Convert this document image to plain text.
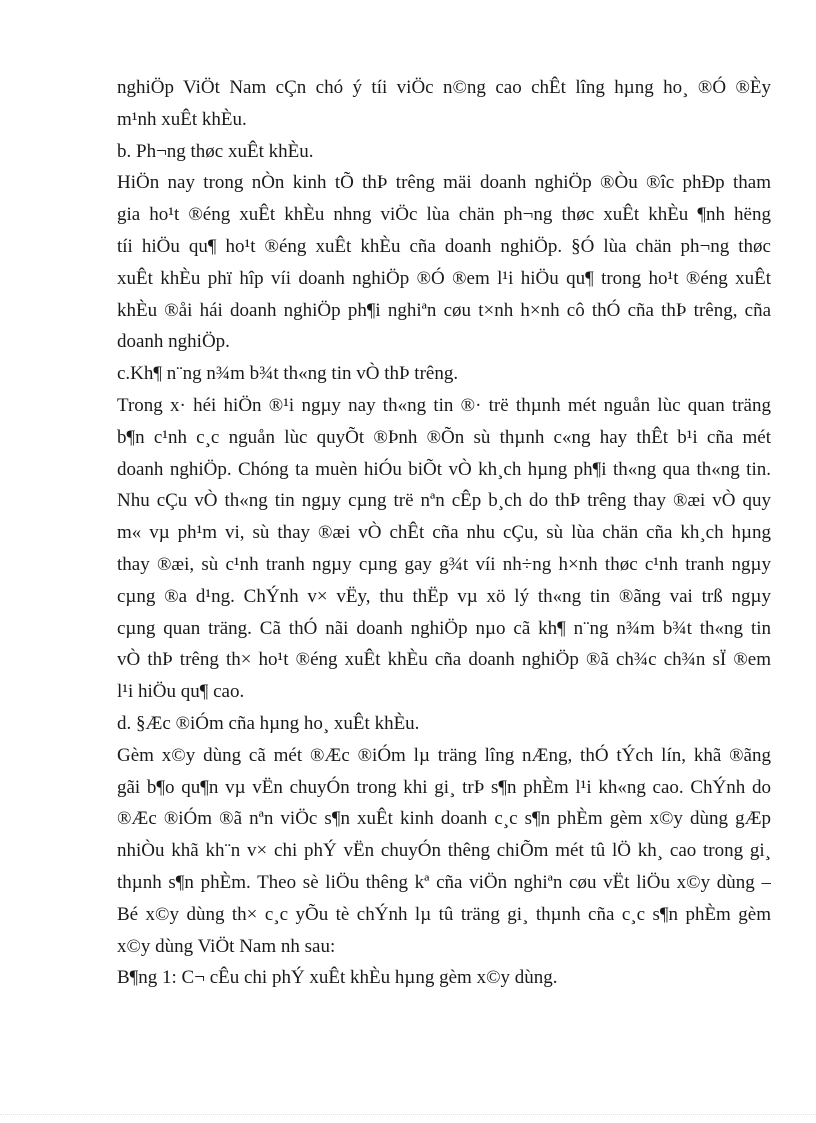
nghiÖp ViÖt Nam cÇn chó ý tíi viÖc n©ng cao chÊt lîng hµng ho¸ ®Ó ®Èy
m¹nh xuÊt khÈu.
b. Ph¬ng thøc xuÊt khÈu.
HiÖn nay trong nÒn kinh tÕ thÞ trêng mäi doanh nghiÖp ®Òu ®îc phÐp tham
gia ho¹t ®éng xuÊt khÈu nhng viÖc lùa chän ph¬ng thøc xuÊt khÈu ¶nh hëng
tíi hiÖu qu¶ ho¹t ®éng xuÊt khÈu cña doanh nghiÖp. §Ó lùa chän ph¬ng thøc
xuÊt khÈu phï hîp víi doanh nghiÖp ®Ó ®em l¹i hiÖu qu¶ trong ho¹t ®éng xuÊt
khÈu ®åi hái doanh nghiÖp ph¶i nghiªn cøu t×nh h×nh cô thÓ cña thÞ trêng, cña
doanh nghiÖp.
c.Kh¶ n¨ng n¾m b¾t th«ng tin vÒ thÞ trêng.
Trong x· héi hiÖn ®¹i ngµy nay th«ng tin ®· trë thµnh mét nguån lùc quan träng
b¶n c¹nh c¸c nguån lùc quyÕt ®Þnh ®Õn sù thµnh c«ng hay thÊt b¹i cña mét
doanh nghiÖp. Chóng ta muèn hiÓu biÕt vÒ kh¸ch hµng ph¶i th«ng qua th«ng tin.
Nhu cÇu vÒ th«ng tin ngµy cµng trë nªn cÊp b¸ch do thÞ trêng thay ®æi vÒ quy
m« vµ ph¹m vi, sù thay ®æi vÒ chÊt cña nhu cÇu, sù lùa chän cña kh¸ch hµng
thay ®æi, sù c¹nh tranh ngµy cµng gay g¾t víi nh÷ng h×nh thøc c¹nh tranh ngµy
cµng ®a d¹ng. ChÝnh v× vËy, thu thËp vµ xö lý th«ng tin ®ãng vai trß ngµy
cµng quan träng. Cã thÓ nãi doanh nghiÖp nµo cã kh¶ n¨ng n¾m b¾t th«ng tin
vÒ thÞ trêng th× ho¹t ®éng xuÊt khÈu cña doanh nghiÖp ®ã ch¾c ch¾n sÏ ®em
l¹i hiÖu qu¶ cao.
d. §Æc ®iÓm cña hµng ho¸ xuÊt khÈu.
Gèm x©y dùng cã mét ®Æc ®iÓm lµ träng lîng nÆng, thÓ tÝch lín, khã ®ãng
gãi b¶o qu¶n vµ vËn chuyÓn trong khi gi¸ trÞ s¶n phÈm l¹i kh«ng cao. ChÝnh do
®Æc ®iÓm ®ã nªn viÖc s¶n xuÊt kinh doanh c¸c s¶n phÈm gèm x©y dùng gÆp
nhiÒu khã kh¨n v× chi phÝ vËn chuyÓn thêng chiÕm mét tû lÖ kh¸ cao trong gi¸
thµnh s¶n phÈm. Theo sè liÖu thêng kª cña viÖn nghiªn cøu vËt liÖu x©y dùng –
Bé x©y dùng th× c¸c yÕu tè chÝnh lµ tû träng gi¸ thµnh cña c¸c s¶n phÈm gèm
x©y dùng ViÖt Nam nh sau:
B¶ng 1: C¬ cÊu chi phÝ xuÊt khÈu hµng gèm x©y dùng.
